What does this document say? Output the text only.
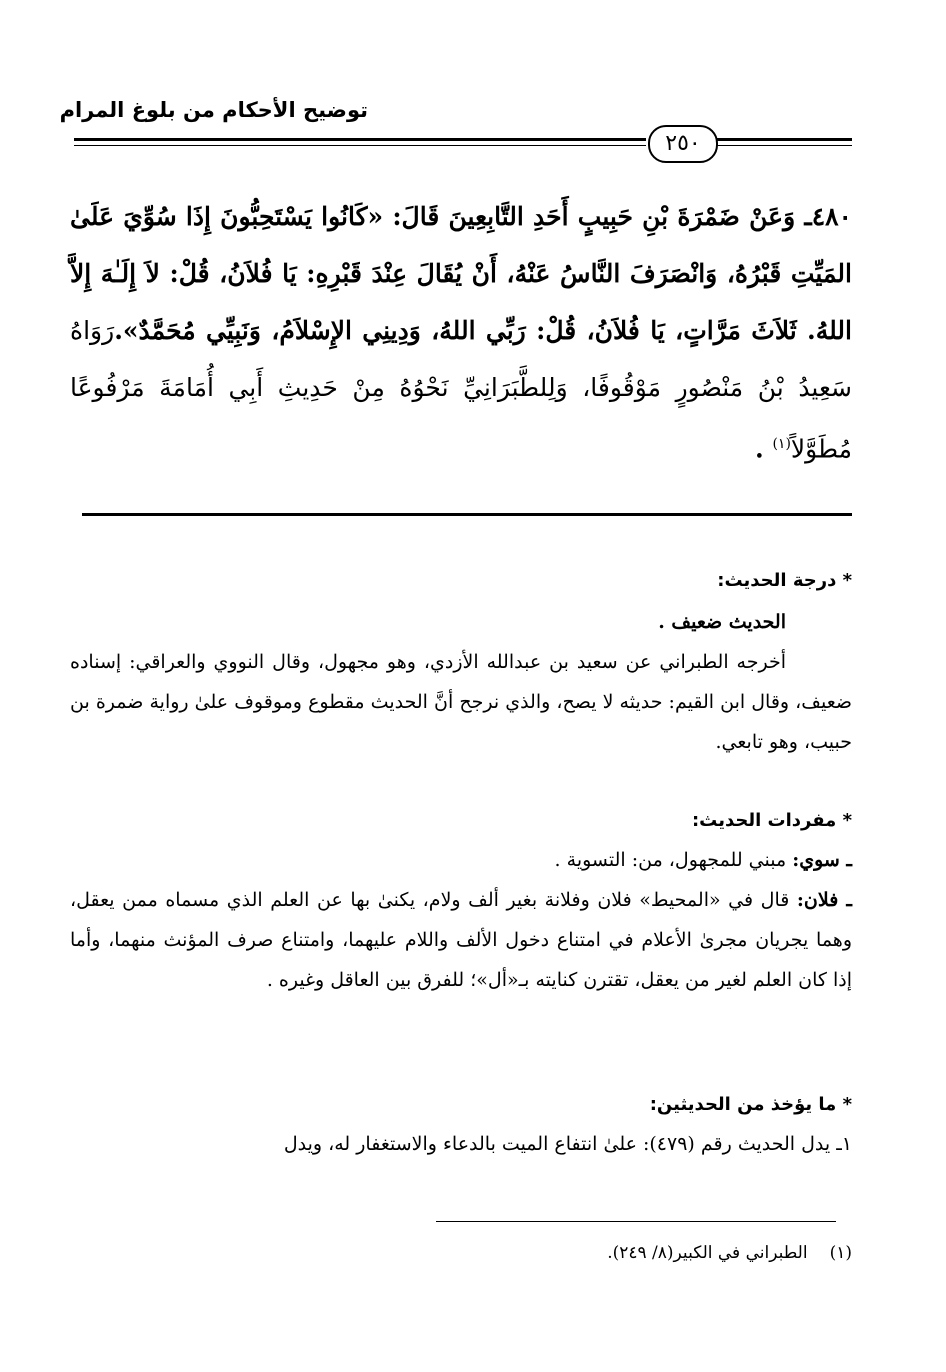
توضيح الأحكام من بلوغ المرام
٢٥٠
٤٨٠ـ وَعَنْ ضَمْرَةَ بْنِ حَبِيبٍ أَحَدِ التَّابِعِينَ قَالَ: «كَانُوا يَسْتَحِبُّونَ إِذَا سُوِّيَ عَلَىٰ المَيِّتِ قَبْرُهُ، وَانْصَرَفَ النَّاسُ عَنْهُ، أَنْ يُقَالَ عِنْدَ قَبْرِهِ: يَا فُلاَنُ، قُلْ: لاَ إِلَـٰهَ إِلاَّ اللهُ. ثَلاَثَ مَرَّاتٍ، يَا فُلاَنُ، قُلْ: رَبِّي اللهُ، وَدِينِي الإِسْلاَمُ، وَنَبِيِّي مُحَمَّدٌ».رَوَاهُ سَعِيدُ بْنُ مَنْصُورٍ مَوْقُوفًا، وَلِلطَّبَرَانِيِّ نَحْوُهُ مِنْ حَدِيثِ أَبِي أُمَامَةَ مَرْفُوعًا مُطَوَّلاً$^{(١)}$ .
* درجة الحديث:
الحديث ضعيف .
أخرجه الطبراني عن سعيد بن عبدالله الأزدي، وهو مجهول، وقال النووي والعراقي: إسناده ضعيف، وقال ابن القيم: حديثه لا يصح، والذي نرجح أنَّ الحديث مقطوع وموقوف علىٰ رواية ضمرة بن حبيب، وهو تابعي.
* مفردات الحديث:
ـ سوي: مبني للمجهول، من: التسوية .
ـ فلان: قال في «المحيط» فلان وفلانة بغير ألف ولام، يكنىٰ بها عن العلم الذي مسماه ممن يعقل، وهما يجريان مجرىٰ الأعلام في امتناع دخول الألف واللام عليهما، وامتناع صرف المؤنث منهما، وأما إذا كان العلم لغير من يعقل، تقترن كنايته بـ«أل»؛ للفرق بين العاقل وغيره .
* ما يؤخذ من الحديثين:
١ـ يدل الحديث رقم (٤٧٩): علىٰ انتفاع الميت بالدعاء والاستغفار له، ويدل
(١)الطبراني في الكبير(٨/ ٢٤٩).
